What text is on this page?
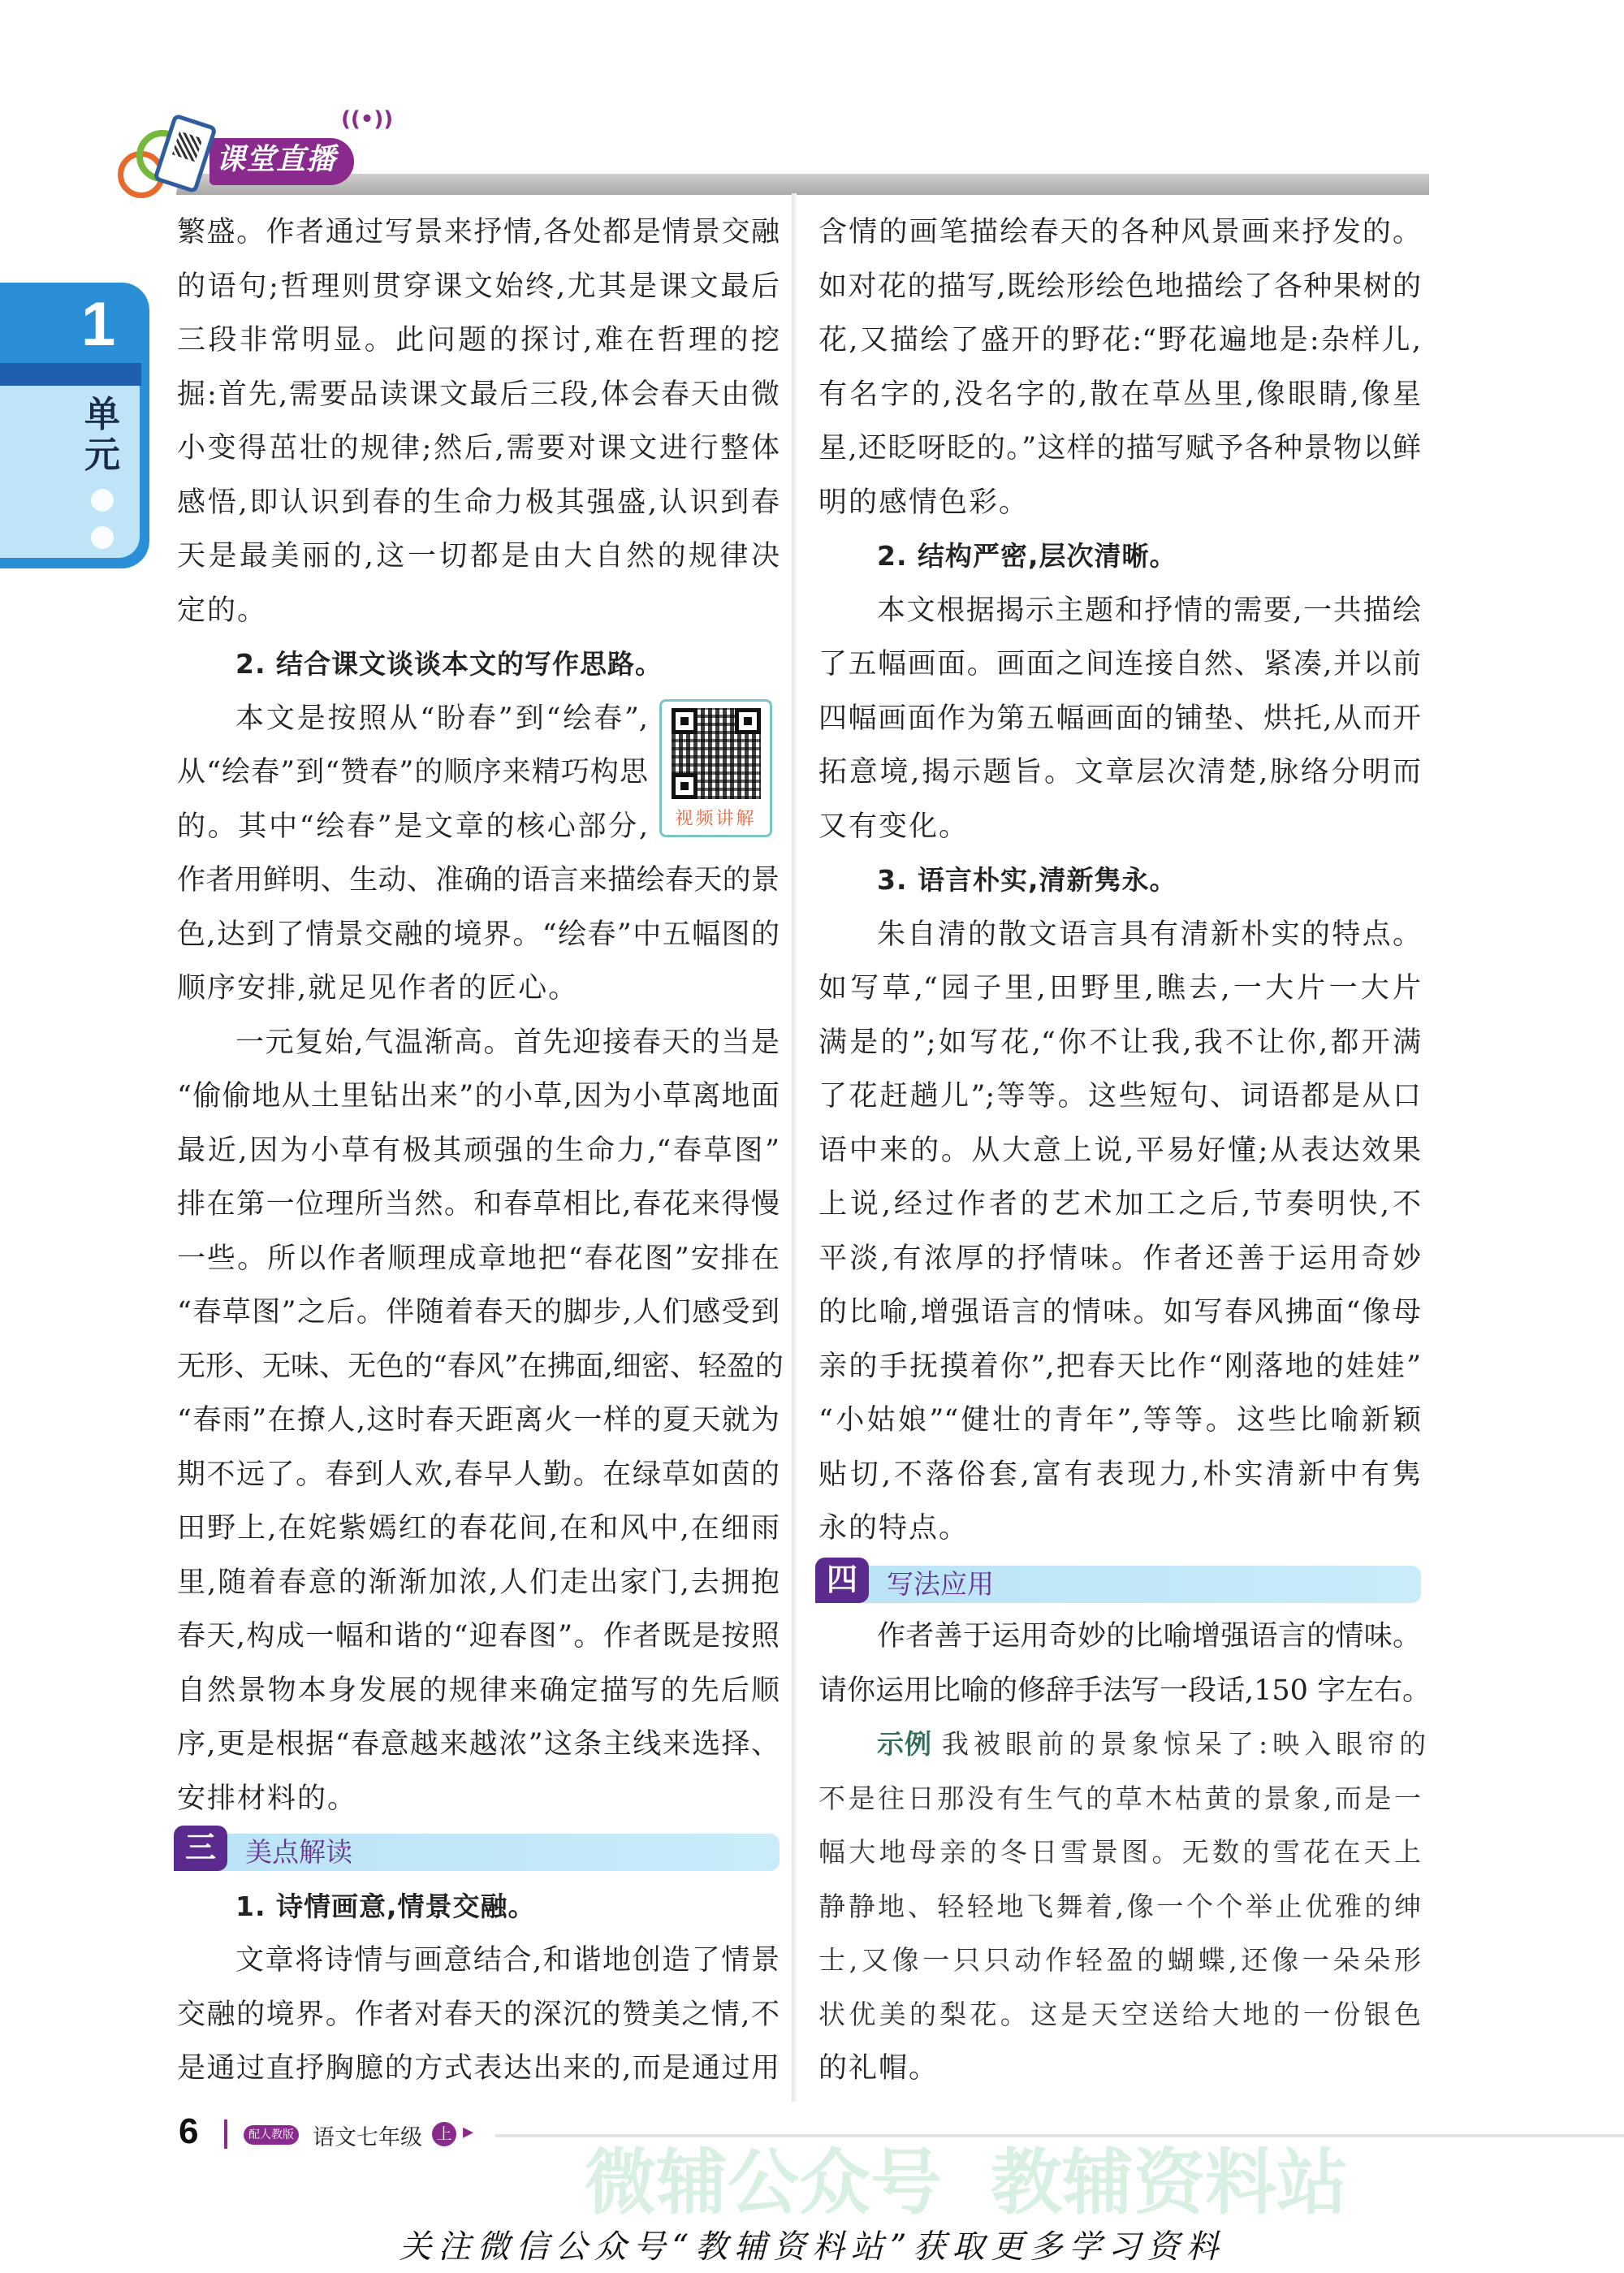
微辅公众号 教辅资料站
课堂直播
((•))
1
单元
三	美点解读
四	写法应用
繁盛。作者通过写景来抒情,各处都是情景交融
的语句;哲理则贯穿课文始终,尤其是课文最后
三段非常明显。此问题的探讨,难在哲理的挖
掘:首先,需要品读课文最后三段,体会春天由微
小变得茁壮的规律;然后,需要对课文进行整体
感悟,即认识到春的生命力极其强盛,认识到春
天是最美丽的,这一切都是由大自然的规律决
定的。
2. 结合课文谈谈本文的写作思路。
本文是按照从“盼春”到“绘春”,
从“绘春”到“赞春”的顺序来精巧构思
的。其中“绘春”是文章的核心部分,
作者用鲜明、生动、准确的语言来描绘春天的景
色,达到了情景交融的境界。“绘春”中五幅图的
顺序安排,就足见作者的匠心。
一元复始,气温渐高。首先迎接春天的当是
“偷偷地从土里钻出来”的小草,因为小草离地面
最近,因为小草有极其顽强的生命力,“春草图”
排在第一位理所当然。和春草相比,春花来得慢
一些。所以作者顺理成章地把“春花图”安排在
“春草图”之后。伴随着春天的脚步,人们感受到
无形、无味、无色的“春风”在拂面,细密、轻盈的
“春雨”在撩人,这时春天距离火一样的夏天就为
期不远了。春到人欢,春早人勤。在绿草如茵的
田野上,在姹紫嫣红的春花间,在和风中,在细雨
里,随着春意的渐渐加浓,人们走出家门,去拥抱
春天,构成一幅和谐的“迎春图”。作者既是按照
自然景物本身发展的规律来确定描写的先后顺
序,更是根据“春意越来越浓”这条主线来选择、
安排材料的。
1. 诗情画意,情景交融。
文章将诗情与画意结合,和谐地创造了情景
交融的境界。作者对春天的深沉的赞美之情,不
是通过直抒胸臆的方式表达出来的,而是通过用
含情的画笔描绘春天的各种风景画来抒发的。
如对花的描写,既绘形绘色地描绘了各种果树的
花,又描绘了盛开的野花:“野花遍地是:杂样儿,
有名字的,没名字的,散在草丛里,像眼睛,像星
星,还眨呀眨的。”这样的描写赋予各种景物以鲜
明的感情色彩。
2. 结构严密,层次清晰。
本文根据揭示主题和抒情的需要,一共描绘
了五幅画面。画面之间连接自然、紧凑,并以前
四幅画面作为第五幅画面的铺垫、烘托,从而开
拓意境,揭示题旨。文章层次清楚,脉络分明而
又有变化。
3. 语言朴实,清新隽永。
朱自清的散文语言具有清新朴实的特点。
如写草,“园子里,田野里,瞧去,一大片一大片
满是的”;如写花,“你不让我,我不让你,都开满
了花赶趟儿”;等等。这些短句、词语都是从口
语中来的。从大意上说,平易好懂;从表达效果
上说,经过作者的艺术加工之后,节奏明快,不
平淡,有浓厚的抒情味。作者还善于运用奇妙
的比喻,增强语言的情味。如写春风拂面“像母
亲的手抚摸着你”,把春天比作“刚落地的娃娃”
“小姑娘”“健壮的青年”,等等。这些比喻新颖
贴切,不落俗套,富有表现力,朴实清新中有隽
永的特点。
作者善于运用奇妙的比喻增强语言的情味。
请你运用比喻的修辞手法写一段话,150 字左右。
示例 我被眼前的景象惊呆了:映入眼帘的
不是往日那没有生气的草木枯黄的景象,而是一
幅大地母亲的冬日雪景图。无数的雪花在天上
静静地、轻轻地飞舞着,像一个个举止优雅的绅
士,又像一只只动作轻盈的蝴蝶,还像一朵朵形
状优美的梨花。这是天空送给大地的一份银色
的礼帽。
视频讲解
6	配人教版 语文七年级 上 ▸
关注微信公众号“教辅资料站”获取更多学习资料
